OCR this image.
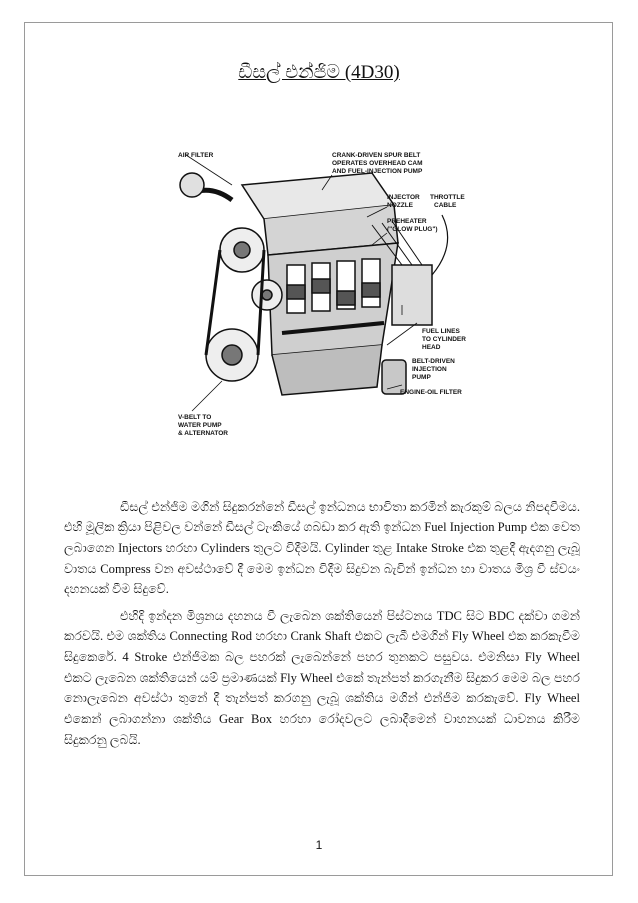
ඩීසල් එන්ජිම (4D30)
AIR FILTER	CRANK-DRIVEN SPUR BELT
OPERATES OVERHEAD CAM
AND FUEL-INJECTION PUMP
INJECTOR
NOZZLE
THROTTLE
CABLE
PREHEATER
("GLOW PLUG")
FUEL LINES
TO CYLINDER
HEAD
BELT-DRIVEN
INJECTION
PUMP
ENGINE-OIL FILTER
V-BELT TO
WATER PUMP
& ALTERNATOR

ඩීසල් එන්ජිම මගින් සිදුකරන්නේ ඩීසල් ඉන්ධනය භාවිතා කරමින් කැරකුම් බලය නිපදවීමය. එහි මූලික ක්‍රියා පිළිවල වන්නේ ඩීසල් ටැංකියේ ගබඩා කර ඇති ඉන්ධන Fuel Injection Pump එක වෙත ලබාගෙන Injectors හරහා Cylinders තුලට විදීමයි. Cylinder තුළ Intake Stroke එක තුළදී ඇදගනු ලැබූ වාතය Compress වන අවස්ථාවේ දී මෙම ඉන්ධන විදීම සිදුවන බැවින් ඉන්ධන හා වාතය මිශ්‍ර වී ස්වයං දහනයක් වීම සිදුවේ.

එහිදි ඉන්දන මිශ්‍රනය දහනය වී ලැබෙන ශක්තියෙන් පිස්ටනය TDC සිට BDC දක්වා ගමන් කරවයි. එම ශක්තිය Connecting Rod හරහා Crank Shaft එකට ලැබී එමගින් Fly Wheel එක කරකැවීම සිදුකෙරේ. 4 Stroke එන්ජිමක බල පහරක් ලැබෙන්නේ පහර තුනකට පසුවය. එමනිසා Fly Wheel එකට ලැබෙන ශක්තියෙන් යම් ප්‍රමාණයක් Fly Wheel එකේ තැන්පත් කරගැනීම සිදුකර මෙම බල පහර නොලැබෙන අවස්ථා තුනේ දී තැන්පත් කරගනු ලැබූ ශක්තිය මගින් එන්ජිම කරකැවේ. Fly Wheel එකෙන් ලබාගන්නා ශක්තිය Gear Box හරහා රෝදවලට ලබාදීමෙන් වාහනයක් ධාවනය කිරීම සිදුකරනු ලබයි.

1
